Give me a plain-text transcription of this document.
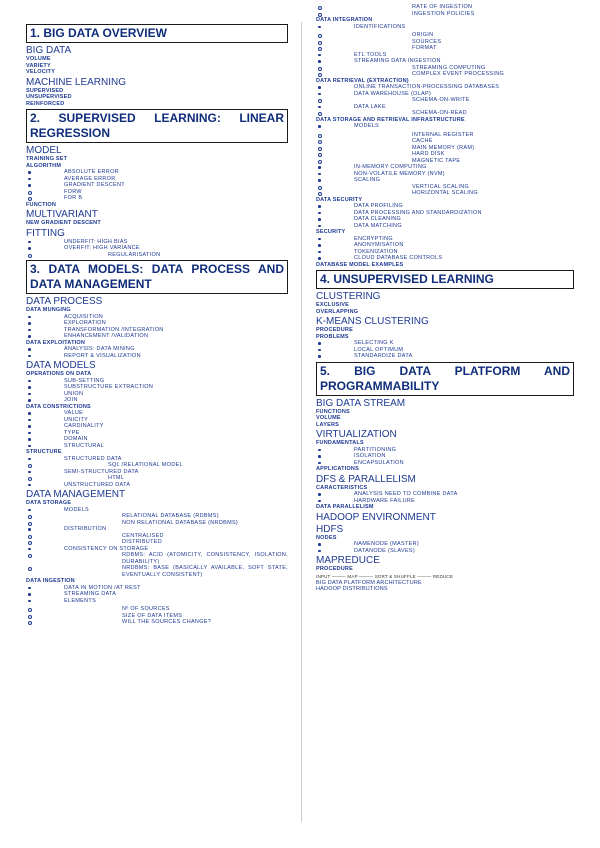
1. BIG DATA OVERVIEW
BIG DATA
VOLUME
VARIETY
VELOCITY
MACHINE LEARNING
SUPERVISED
UNSUPERVISED
REINFORCED
2. SUPERVISED LEARNING: LINEAR REGRESSION
MODEL
TRAINING SET
ALGORITHM
ABSOLUTE ERROR
AVERAGE ERROR
GRADIENT DESCENT
FORW
FOR B
FUNCTION
MULTIVARIANT
NEW GRADIENT DESCENT
FITTING
UNDERFIT: HIGH BIAS
OVERFIT: HIGH VARIANCE
REGULARISATION
3. DATA MODELS: DATA PROCESS AND DATA MANAGEMENT
DATA PROCESS
DATA MUNGING
ACQUISITION
EXPLORATION
TRANSFORMATION /INTEGRATION
ENHANCEMENT /VALIDATION
DATA EXPLOITATION
ANALYSIS: DATA MINING
REPORT & VISUALIZATION
DATA MODELS
OPERATIONS ON DATA
SUB-SETTING
SUBSTRUCTURE EXTRACTION
UNION
JOIN
DATA CONSTRICTIONS
VALUE
UNICITY
CARDINALITY
TYPE
DOMAIN
STRUCTURAL
STRUCTURE
STRUCTURED DATA
SQL /RELATIONAL MODEL
SEMI-STRUCTURED DATA
HTML
UNSTRUCTURED DATA
DATA MANAGEMENT
DATA STORAGE
MODELS
RELATIONAL DATABASE (RDBMS)
NON RELATIONAL DATABASE (NRDBMS)
DISTRIBUTION
CENTRALISED
DISTRIBUTED
CONSISTENCY ON STORAGE
RDBMS: ACID (ATOMICITY, CONSISTENCY, ISOLATION, DURABILITY)
NRDBMS: BASE (BASICALLY AVAILABLE, SOFT STATE, EVENTUALLY CONSISTENT)
DATA INGESTION
DATA IN MOTION /AT REST
STREAMING DATA
ELEMENTS
Nº OF SOURCES
SIZE OF DATA ITEMS
WILL THE SOURCES CHANGE?
RATE OF INGESTION
INGESTION POLICIES
DATA INTEGRATION
IDENTIFICATIONS
ORIGIN
SOURCES
FORMAT
ETL TOOLS
STREAMING DATA INGESTION
STREAMING COMPUTING
COMPLEX EVENT PROCESSING
DATA RETRIEVAL (EXTRACTION)
ONLINE TRANSACTION-PROCESSING DATABASES
DATA WAREHOUSE (OLAP)
SCHEMA-ON-WRITE
DATA LAKE
SCHEMA-ON-READ
DATA STORAGE AND RETRIEVAL INFRASTRUCTURE
MODELS
INTERNAL REGISTER
CACHE
MAIN MEMORY (RAM)
HARD DISK
MAGNETIC TAPE
IN-MEMORY COMPUTING
NON-VOLATILE MEMORY (NVM)
SCALING
VERTICAL SCALING
HORIZONTAL SCALING
DATA SECURITY
DATA PROFILING
DATA PROCESSING AND STANDARDIZATION
DATA CLEANING
DATA MATCHING
SECURITY
ENCRYPTING
ANONYMISATION
TOKENIZATION
CLOUD DATABASE CONTROLS
DATABASE MODEL EXAMPLES
4. UNSUPERVISED LEARNING
CLUSTERING
EXCLUSIVE
OVERLAPPING
K-MEANS CLUSTERING
PROCEDURE
PROBLEMS
SELECTING K
LOCAL OPTIMUM
STANDARDIZE DATA
5. BIG DATA PLATFORM AND PROGRAMMABILITY
BIG DATA STREAM
FUNCTIONS
VOLUME
LAYERS
VIRTUALIZATION
FUNDAMENTALS
PARTITIONING
ISOLATION
ENCAPSULATION
APPLICATIONS
DFS & PARALLELISM
CARACTERISTICS
ANALYSIS NEED TO COMBINE DATA
HARDWARE FAILURE
DATA PARALLELISM
HADOOP ENVIRONMENT
HDFS
NODES
NAMENODE (MASTER)
DATANODE (SLAVES)
MAPREDUCE
PROCEDURE
INPUT ——— MAP ——— SORT & SHUFFLE ——— REDUCE
BIG DATA PLATFORM ARCHITECTURE
HADOOP DISTRIBUTIONS
